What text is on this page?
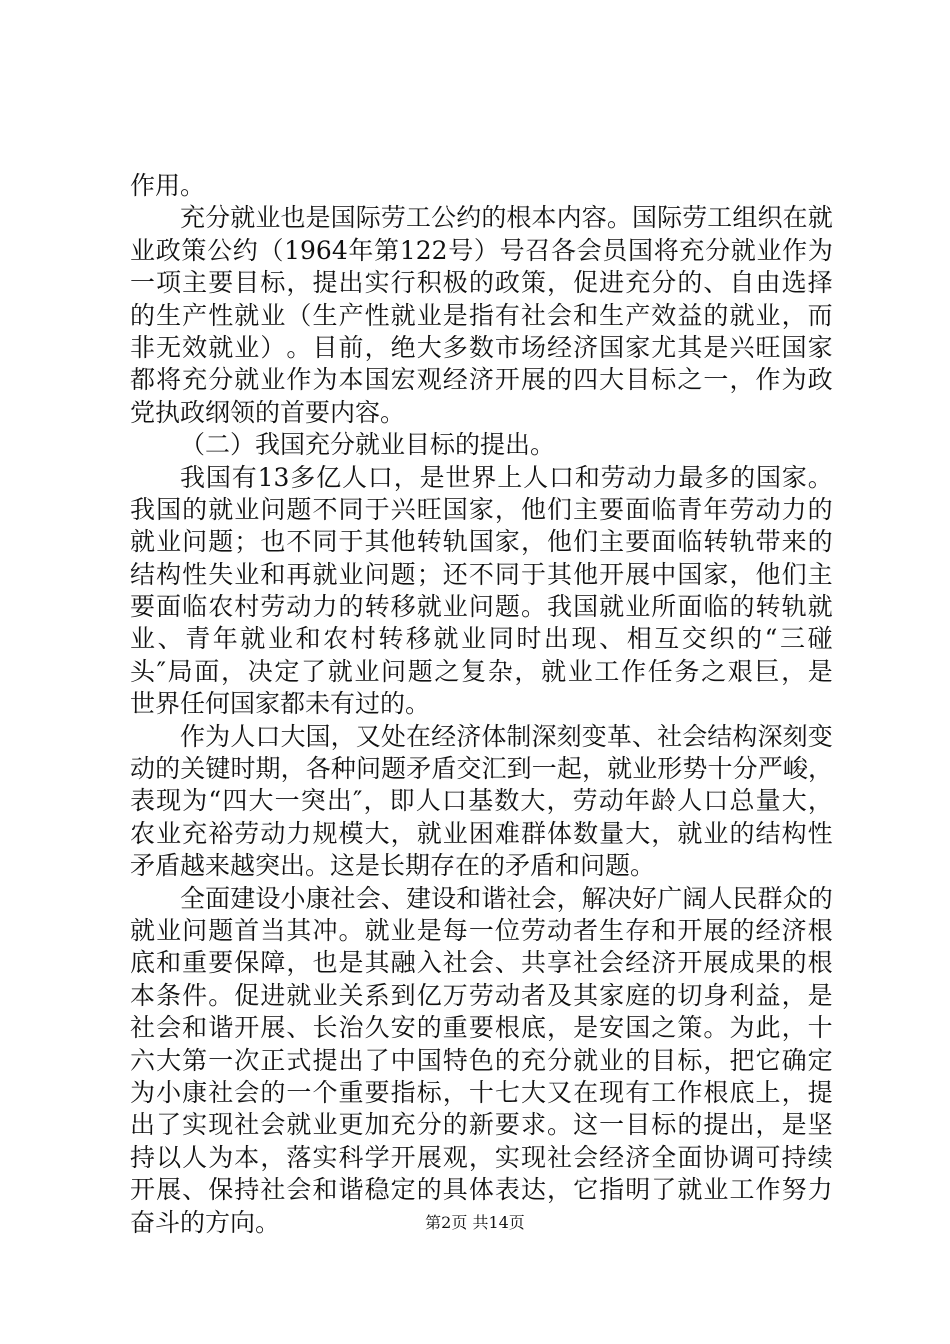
作用。
充 分 就 业 也 是 国 际 劳 工 公 约 的 根 本 内 容 。 国 际 劳 工 组 织 在 就
业 政 策 公 约 （ 1964 年 第 122 号 ） 号 召 各 会 员 国 将 充 分 就 业 作 为
一 项 主 要 目 标 ， 提 出 实 行 积 极 的 政 策 ， 促 进 充 分 的 、 自 由 选 择
的 生 产 性 就 业 （ 生 产 性 就 业 是 指 有 社 会 和 生 产 效 益 的 就 业 ， 而
非 无 效 就 业 ） 。 目 前 ， 绝 大 多 数 市 场 经 济 国 家 尤 其 是 兴 旺 国 家
都 将 充 分 就 业 作 为 本 国 宏 观 经 济 开 展 的 四 大 目 标 之 一 ， 作 为 政
党执政纲领的首要内容。
（二）我国充分就业目标的提出。
我 国 有 13 多 亿 人 口 ， 是 世 界 上 人 口 和 劳 动 力 最 多 的 国 家 。
我 国 的 就 业 问 题 不 同 于 兴 旺 国 家 ， 他 们 主 要 面 临 青 年 劳 动 力 的
就 业 问 题 ； 也 不 同 于 其 他 转 轨 国 家 ， 他 们 主 要 面 临 转 轨 带 来 的
结 构 性 失 业 和 再 就 业 问 题 ； 还 不 同 于 其 他 开 展 中 国 家 ， 他 们 主
要 面 临 农 村 劳 动 力 的 转 移 就 业 问 题 。 我 国 就 业 所 面 临 的 转 轨 就
业 、 青 年 就 业 和 农 村 转 移 就 业 同 时 出 现 、 相 互 交 织 的 “ 三 碰
头 ″ 局 面 ， 决 定 了 就 业 问 题 之 复 杂 ， 就 业 工 作 任 务 之 艰 巨 ， 是
世界任何国家都未有过的。
作 为 人 口 大 国 ， 又 处 在 经 济 体 制 深 刻 变 革 、 社 会 结 构 深 刻 变
动 的 关 键 时 期 ， 各 种 问 题 矛 盾 交 汇 到 一 起 ， 就 业 形 势 十 分 严 峻 ，
表 现 为 “ 四 大 一 突 出 ″ ， 即 人 口 基 数 大 ， 劳 动 年 龄 人 口 总 量 大 ，
农 业 充 裕 劳 动 力 规 模 大 ， 就 业 困 难 群 体 数 量 大 ， 就 业 的 结 构 性
矛盾越来越突出。这是长期存在的矛盾和问题。
全 面 建 设 小 康 社 会 、 建 设 和 谐 社 会 ， 解 决 好 广 阔 人 民 群 众 的
就 业 问 题 首 当 其 冲 。 就 业 是 每 一 位 劳 动 者 生 存 和 开 展 的 经 济 根
底 和 重 要 保 障 ， 也 是 其 融 入 社 会 、 共 享 社 会 经 济 开 展 成 果 的 根
本 条 件 。 促 进 就 业 关 系 到 亿 万 劳 动 者 及 其 家 庭 的 切 身 利 益 ， 是
社 会 和 谐 开 展 、 长 治 久 安 的 重 要 根 底 ， 是 安 国 之 策 。 为 此 ， 十
六 大 第 一 次 正 式 提 出 了 中 国 特 色 的 充 分 就 业 的 目 标 ， 把 它 确 定
为 小 康 社 会 的 一 个 重 要 指 标 ， 十 七 大 又 在 现 有 工 作 根 底 上 ， 提
出 了 实 现 社 会 就 业 更 加 充 分 的 新 要 求 。 这 一 目 标 的 提 出 ， 是 坚
持 以 人 为 本 ， 落 实 科 学 开 展 观 ， 实 现 社 会 经 济 全 面 协 调 可 持 续
开 展 、 保 持 社 会 和 谐 稳 定 的 具 体 表 达 ， 它 指 明 了 就 业 工 作 努 力
奋斗的方向。	第2页 共14页
